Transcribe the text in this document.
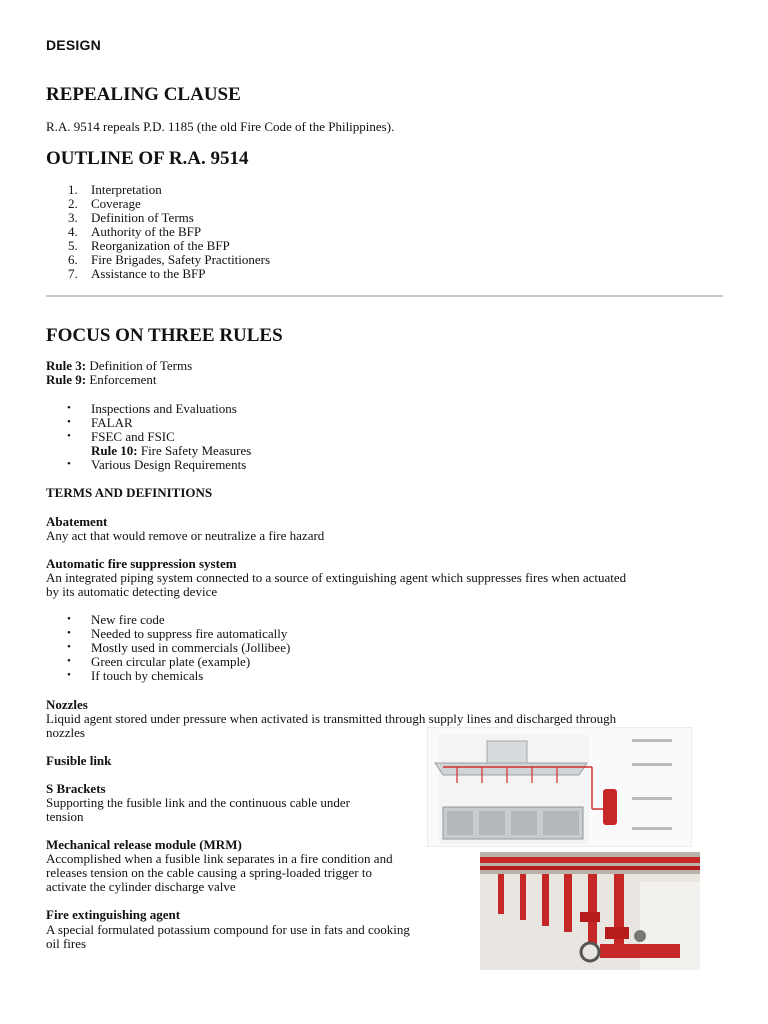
DESIGN
REPEALING CLAUSE

R.A. 9514 repeals P.D. 1185 (the old Fire Code of the Philippines).

OUTLINE OF R.A. 9514
1. Interpretation
2. Coverage
3. Definition of Terms
4. Authority of the BFP
5. Reorganization of the BFP
6. Fire Brigades, Safety Practitioners
7. Assistance to the BFP
FOCUS ON THREE RULES

Rule 3: Definition of Terms

Rule 9: Enforcement

• Inspections and Evaluations
• FALAR
• FSEC and FSIC
Rule 10: Fire Safety Measures
• Various Design Requirements

TERMS AND DEFINITIONS

Abatement

Any act that would remove or neutralize a fire hazard

Automatic fire suppression system

An integrated piping system connected to a source of extinguishing agent which suppresses fires when actuated

by its automatic detecting device

• New fire code
• Needed to suppress fire automatically
• Mostly used in commercials (Jollibee)
• Green circular plate (example)
• If touch by chemicals

Nozzles

Liquid agent stored under pressure when activated is transmitted through supply lines and discharged through

nozzles

Fusible link

S Brackets

Supporting the fusible link and the continuous cable under

tension

Mechanical release module (MRM)

Accomplished when a fusible link separates in a fire condition and

releases tension on the cable causing a spring-loaded trigger to

activate the cylinder discharge valve

Fire extinguishing agent

A special formulated potassium compound for use in fats and cooking

oil fires
